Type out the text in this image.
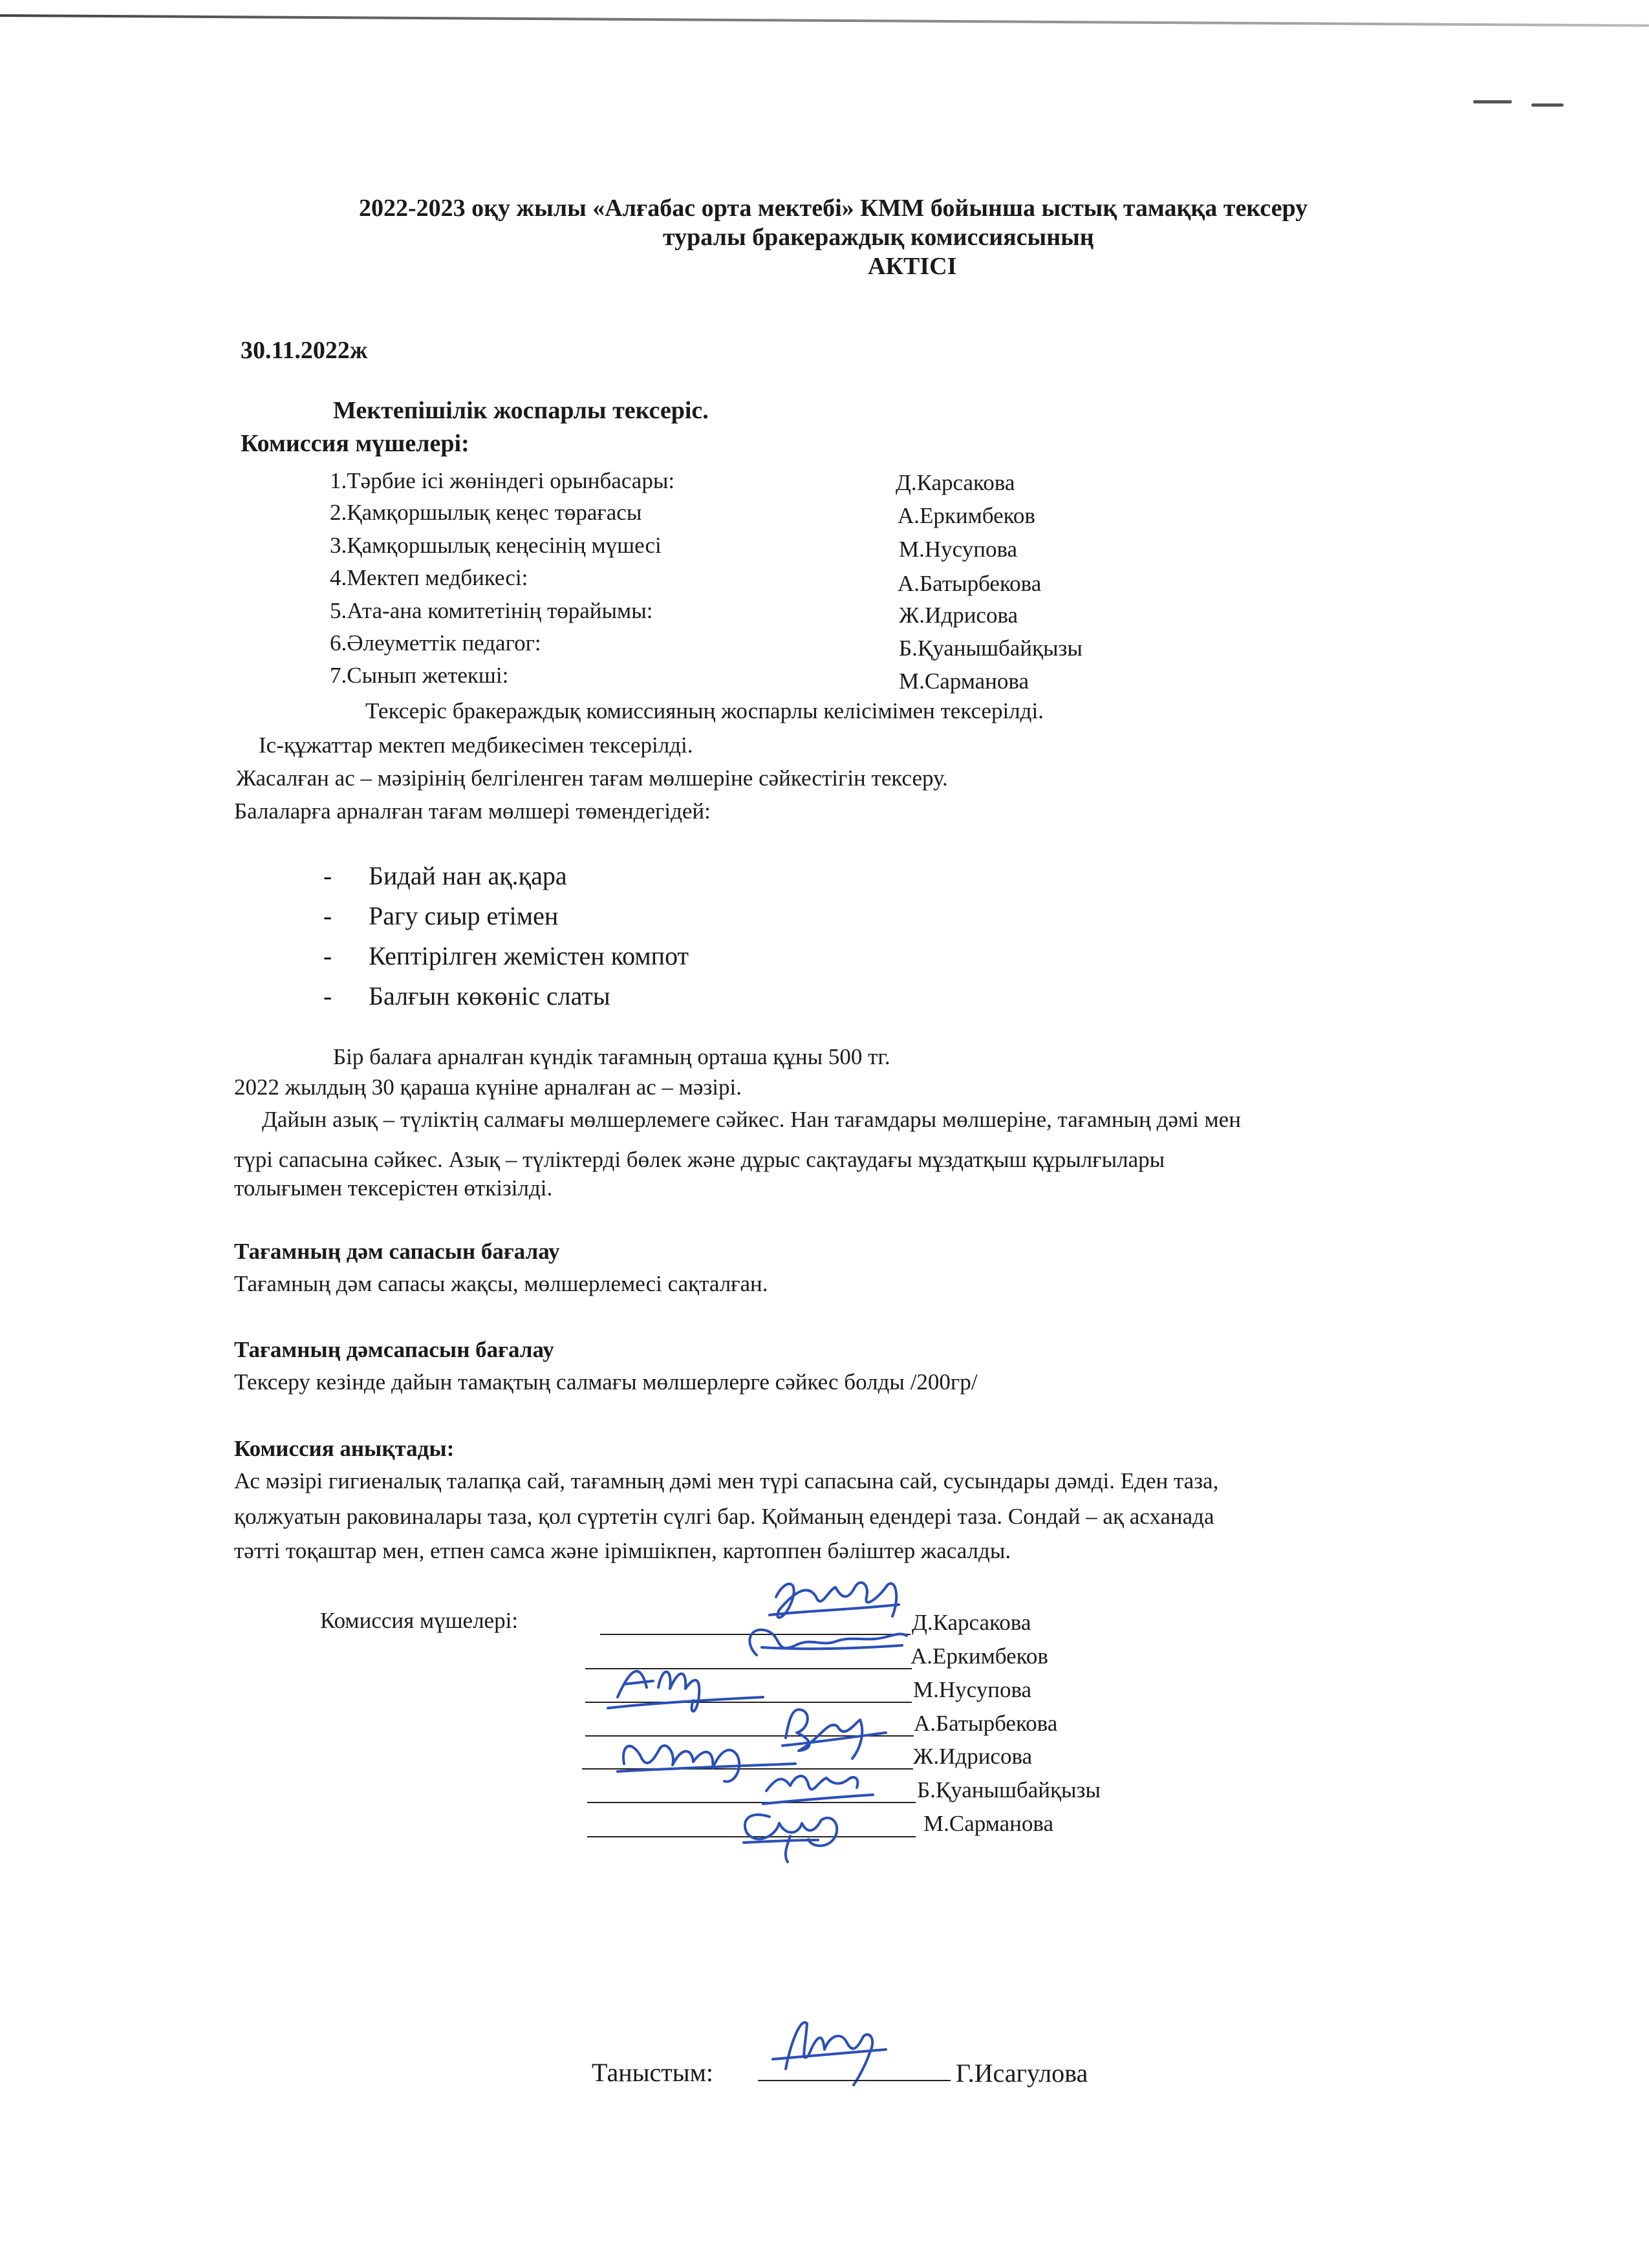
2022-2023 оқу жылы «Алғабас орта мектебі» КММ бойынша ыстық тамаққа тексеру
туралы бракераждық комиссиясының
АКТІСІ
30.11.2022ж
Мектепішілік жоспарлы тексеріс.
Комиссия мүшелері:
1.Тәрбие ісі жөніндегі орынбасары:	Д.Карсакова
2.Қамқоршылық кеңес төрағасы	А.Еркимбеков
3.Қамқоршылық кеңесінің мүшесі	М.Нусупова
4.Мектеп медбикесі:	А.Батырбекова
5.Ата-ана комитетінің төрайымы:	Ж.Идрисова
6.Әлеуметтік педагог:	Б.Қуанышбайқызы
7.Сынып жетекші:	М.Сарманова
Тексеріс бракераждық комиссияның жоспарлы келісімімен тексерілді.
Іс-құжаттар мектеп медбикесімен тексерілді.
Жасалған ас – мәзірінің белгіленген тағам мөлшеріне сәйкестігін тексеру.
Балаларға арналған тағам мөлшері төмендегідей:
- Бидай нан ақ.қара
- Рагу сиыр етімен
- Кептірілген жемістен компот
- Балғын көкөніс слаты
Бір балаға арналған күндік тағамның орташа құны 500 тг.
2022 жылдың 30 қараша күніне арналған ас – мәзірі.
Дайын азық – түліктің салмағы мөлшерлемеге сәйкес. Нан тағамдары мөлшеріне, тағамның дәмі мен
түрі сапасына сәйкес. Азық – түліктерді бөлек және дұрыс сақтаудағы мұздатқыш құрылғылары
толығымен тексерістен өткізілді.
Тағамның дәм сапасын бағалау
Тағамның дәм сапасы жақсы, мөлшерлемесі сақталған.
Тағамның дәмсапасын бағалау
Тексеру кезінде дайын тамақтың салмағы мөлшерлерге сәйкес болды /200гр/
Комиссия анықтады:
Ас мәзірі гигиеналық талапқа сай, тағамның дәмі мен түрі сапасына сай, сусындары дәмді. Еден таза,
қолжуатын раковиналары таза, қол сүртетін сүлгі бар. Қойманың едендері таза. Сондай – ақ асханада
тәтті тоқаштар мен, етпен самса және ірімшікпен, картоппен бәліштер жасалды.
Комиссия мүшелері:	Д.Карсакова
А.Еркимбеков
М.Нусупова
А.Батырбекова
Ж.Идрисова
Б.Қуанышбайқызы
М.Сарманова
Таныстым:	Г.Исагулова
